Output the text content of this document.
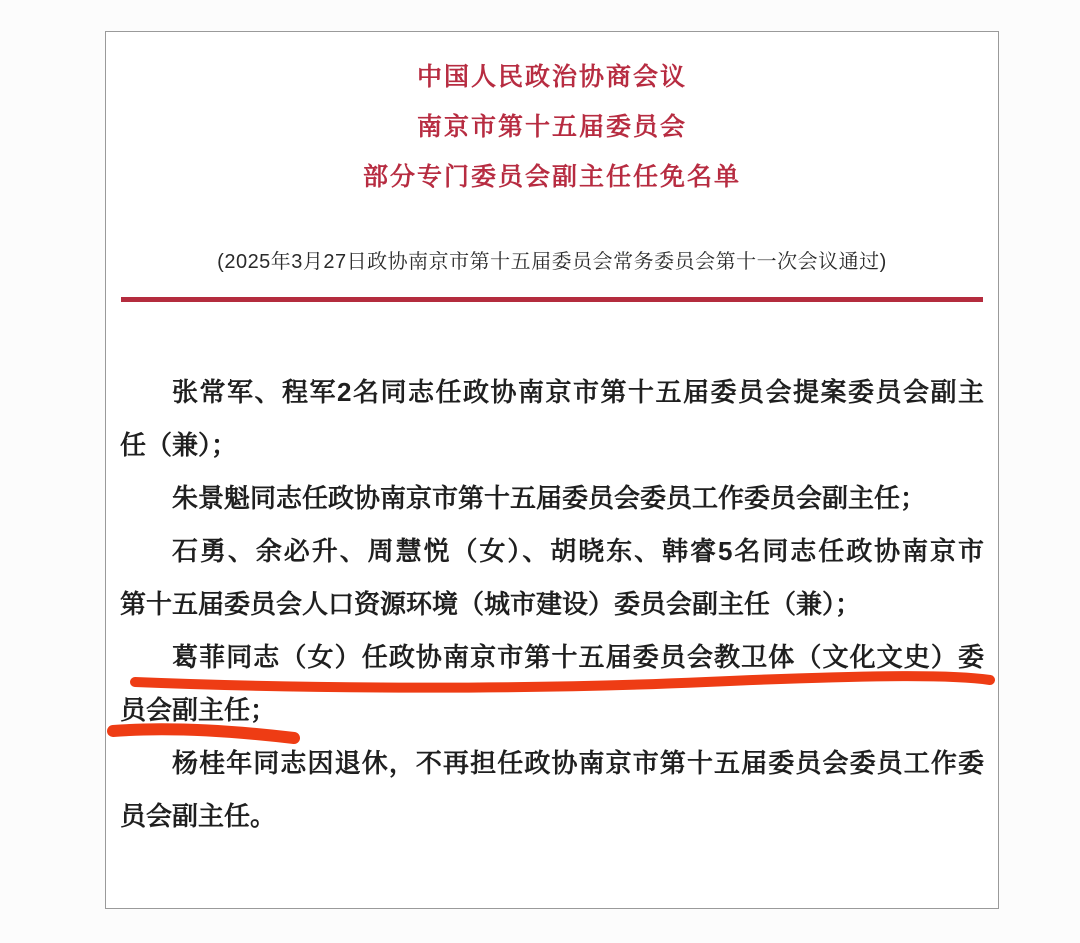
中国人民政治协商会议
南京市第十五届委员会
部分专门委员会副主任任免名单
(2025年3月27日政协南京市第十五届委员会常务委员会第十一次会议通过)
张常军、程军2名同志任政协南京市第十五届委员会提案委员会副主
任（兼）；
朱景魁同志任政协南京市第十五届委员会委员工作委员会副主任；
石勇、余必升、周慧悦（女）、胡晓东、韩睿5名同志任政协南京市
第十五届委员会人口资源环境（城市建设）委员会副主任（兼）；
葛菲同志（女）任政协南京市第十五届委员会教卫体（文化文史）委
员会副主任；
杨桂年同志因退休，不再担任政协南京市第十五届委员会委员工作委
员会副主任。
